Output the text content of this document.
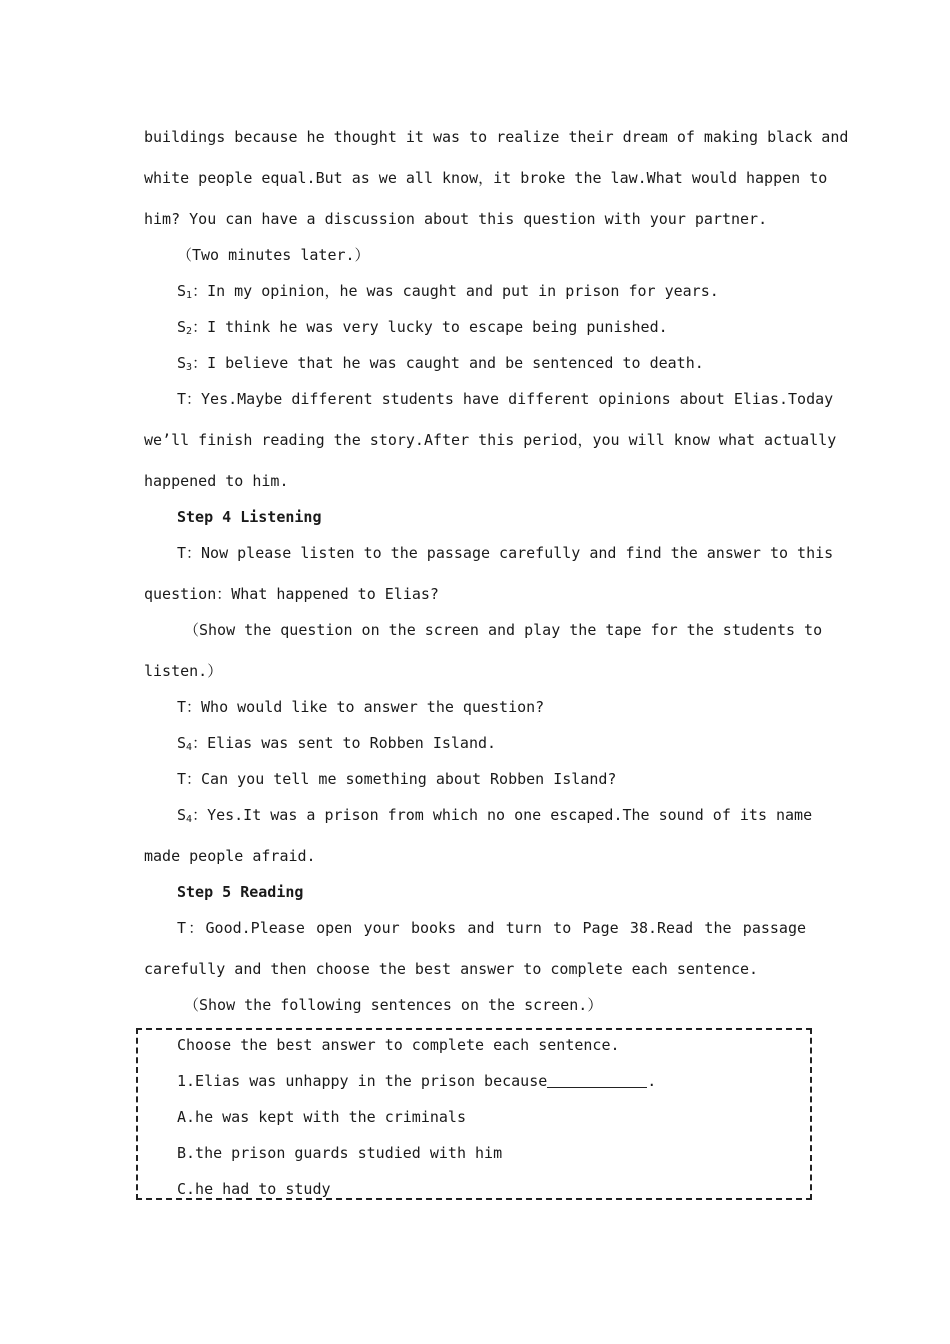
buildings because he thought it was to realize their dream of making black and
white people equal.But as we all know，it broke the law.What would happen to
him? You can have a discussion about this question with your partner.
（Two minutes later.）
$S_1$：In my opinion，he was caught and put in prison for years.
$S_2$：I think he was very lucky to escape being punished.
$S_3$：I believe that he was caught and be sentenced to death.
T：Yes.Maybe different students have different opinions about Elias.Today
we’ll finish reading the story.After this period，you will know what actually
happened to him.
Step 4 Listening
T：Now please listen to the passage carefully and find the answer to this
question：What happened to Elias?
（Show the question on the screen and play the tape for the students to
listen.）
T：Who would like to answer the question?
$S_4$：Elias was sent to Robben Island.
T：Can you tell me something about Robben Island?
$S_4$：Yes.It was a prison from which no one escaped.The sound of its name
made people afraid.
Step 5 Reading
T：Good.Please open your books and turn to Page 38.Read the passage
carefully and then choose the best answer to complete each sentence.
（Show the following sentences on the screen.）
Choose the best answer to complete each sentence.
1.Elias was unhappy in the prison because	.
A.he was kept with the criminals
B.the prison guards studied with him
C.he had to study
